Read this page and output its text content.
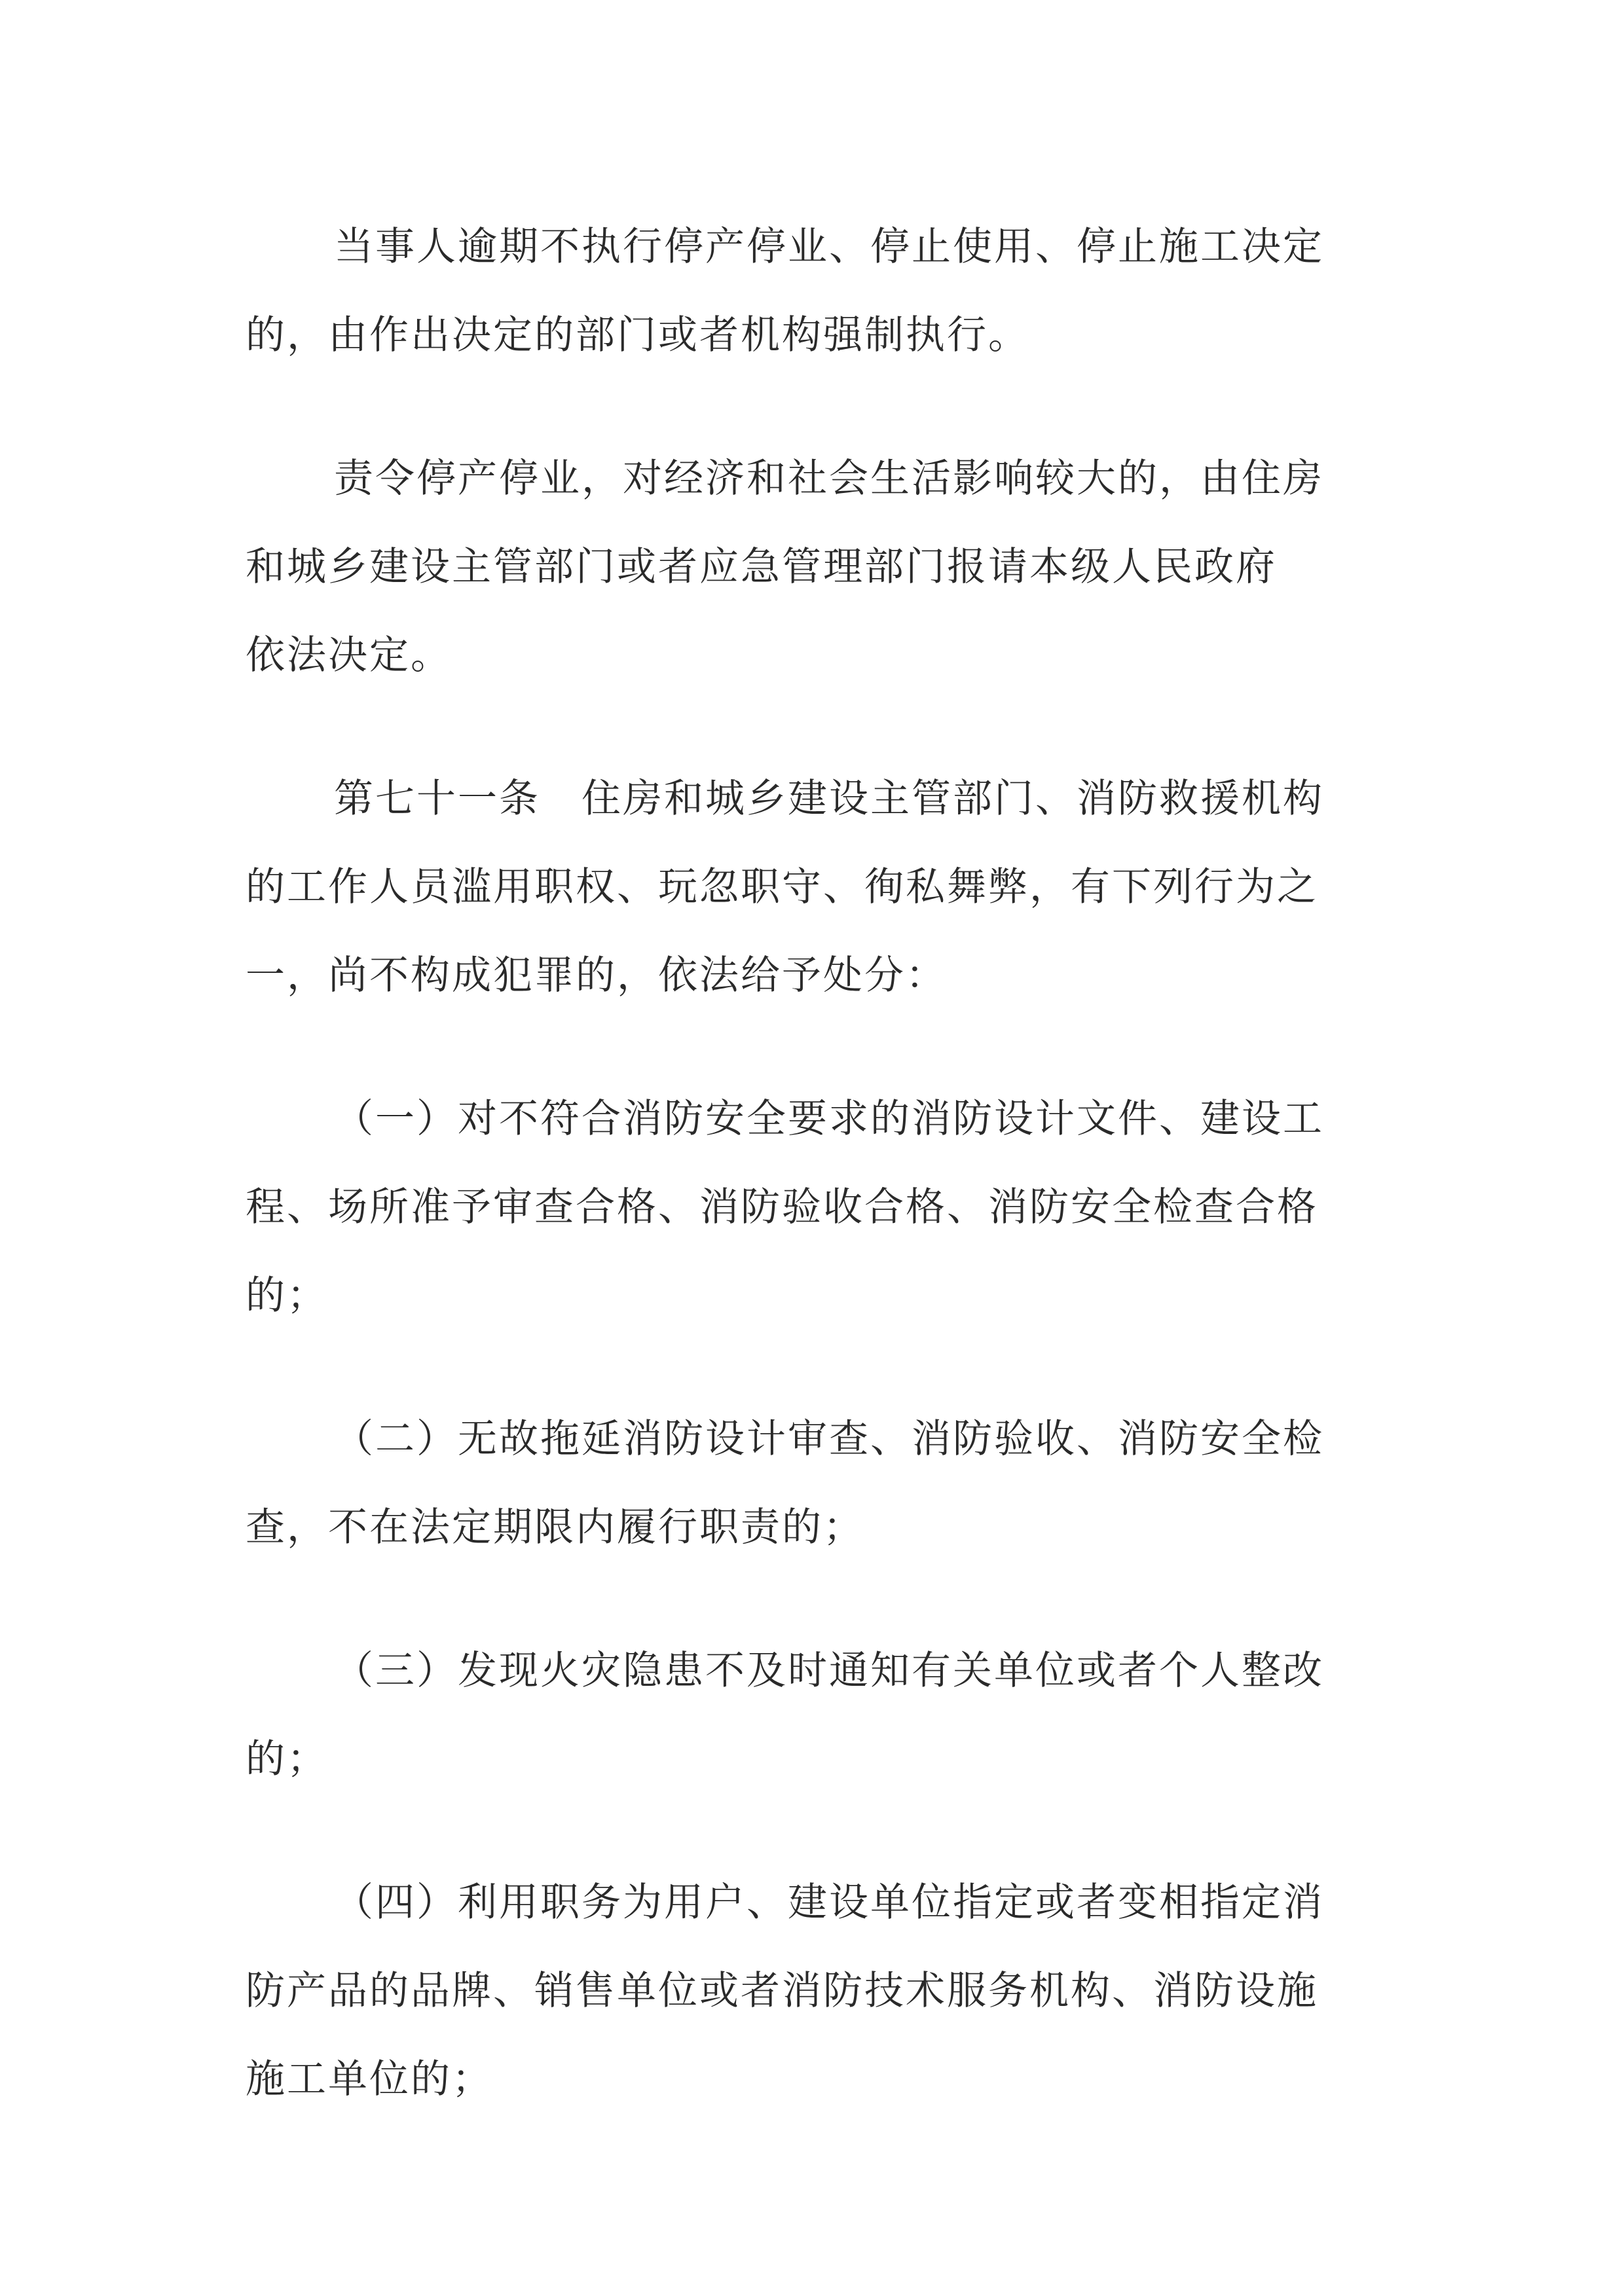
当事人逾期不执行停产停业、停止使用、停止施工决定
的，由作出决定的部门或者机构强制执行。

责令停产停业，对经济和社会生活影响较大的，由住房
和城乡建设主管部门或者应急管理部门报请本级人民政府
依法决定。

第七十一条　住房和城乡建设主管部门、消防救援机构
的工作人员滥用职权、玩忽职守、徇私舞弊，有下列行为之
一，尚不构成犯罪的，依法给予处分：

（一）对不符合消防安全要求的消防设计文件、建设工
程、场所准予审查合格、消防验收合格、消防安全检查合格
的；

（二）无故拖延消防设计审查、消防验收、消防安全检
查，不在法定期限内履行职责的；

（三）发现火灾隐患不及时通知有关单位或者个人整改
的；

（四）利用职务为用户、建设单位指定或者变相指定消
防产品的品牌、销售单位或者消防技术服务机构、消防设施
施工单位的；
